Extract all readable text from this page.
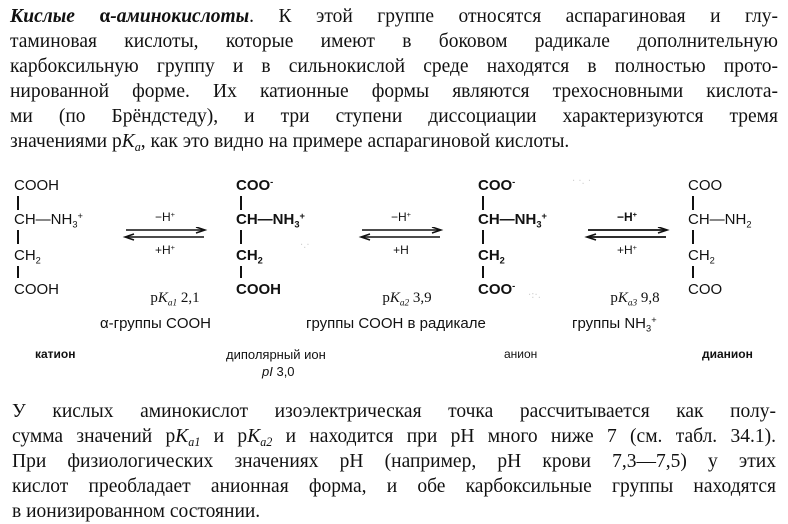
Кислые α-аминокислоты. К этой группе относятся аспарагиновая и глу-
таминовая кислоты, которые имеют в боковом радикале дополнительную
карбоксильную группу и в сильнокислой среде находятся в полностью прото-
нированной форме. Их катионные формы являются трехосновными кислота-
ми (по Брёндстеду), и три ступени диссоциации характеризуются тремя
значениями $pK_a$, как это видно на примере аспарагиновой кислоты.
COOH
$CH—NH_3^+$
$CH_2$
COOH
−H+
+H+
COO-
$CH—NH_3^+$
$CH_2$
COOH
−H+
+H
COO-
$CH—NH_3^+$
$CH_2$
COO-
−H+
+H+
COO
$CH—NH_2$
$CH_2$
COO
$pK_{a1}$ 2,1	$pK_{a2}$ 3,9	$pK_{a3}$ 9,8
α-группы COOH	группы COOH в радикале	группы $NH_3^+$
катион	диполярный ион
pI 3,0
анион	дианион
·.·
· ·. ·
·:·.
У кислых аминокислот изоэлектрическая точка рассчитывается как полу-
сумма значений $pK_{a1}$ и $pK_{a2}$ и находится при pH много ниже 7 (см. табл. 34.1).
При физиологических значениях pH (например, pH крови 7,3—7,5) у этих
кислот преобладает анионная форма, и обе карбоксильные группы находятся
в ионизированном состоянии.
